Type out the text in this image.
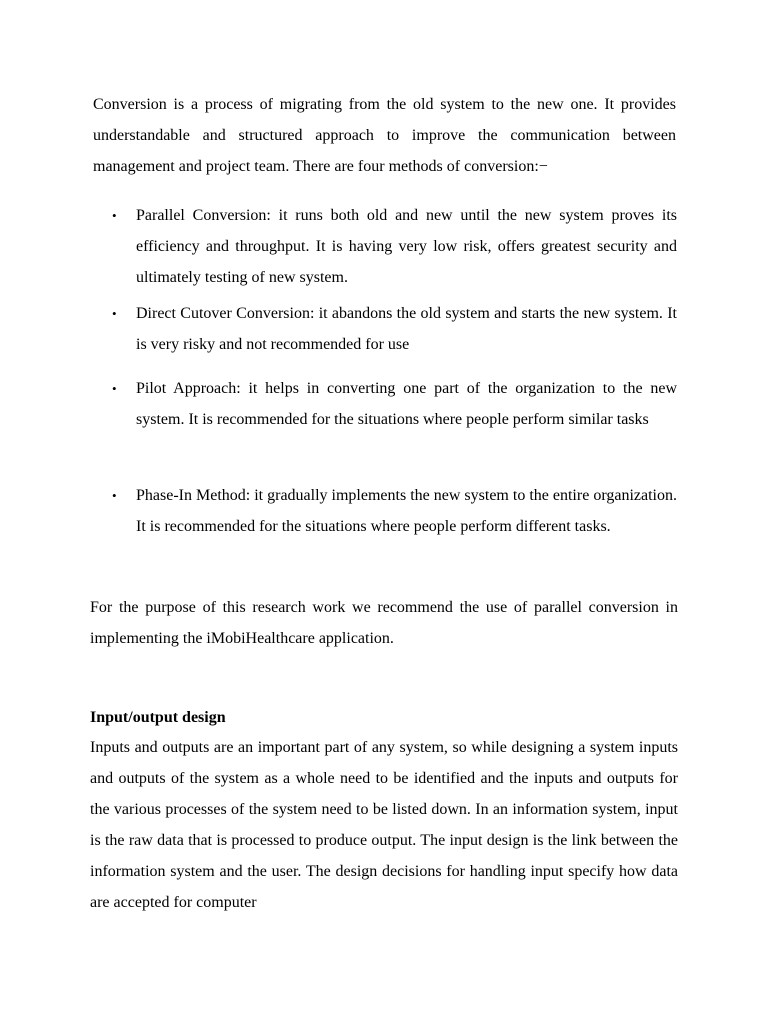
Conversion is a process of migrating from the old system to the new one. It provides understandable and structured approach to improve the communication between management and project team. There are four methods of conversion:−

• Parallel Conversion: it runs both old and new until the new system proves its efficiency and throughput. It is having very low risk, offers greatest security and ultimately testing of new system.
• Direct Cutover Conversion: it abandons the old system and starts the new system. It is very risky and not recommended for use
• Pilot Approach: it helps in converting one part of the organization to the new system. It is recommended for the situations where people perform similar tasks
• Phase-In Method: it gradually implements the new system to the entire organization. It is recommended for the situations where people perform different tasks.

For the purpose of this research work we recommend the use of parallel conversion in implementing the iMobiHealthcare application.

Input/output design

Inputs and outputs are an important part of any system, so while designing a system inputs and outputs of the system as a whole need to be identified and the inputs and outputs for the various processes of the system need to be listed down. In an information system, input is the raw data that is processed to produce output. The input design is the link between the information system and the user. The design decisions for handling input specify how data are accepted for computer
